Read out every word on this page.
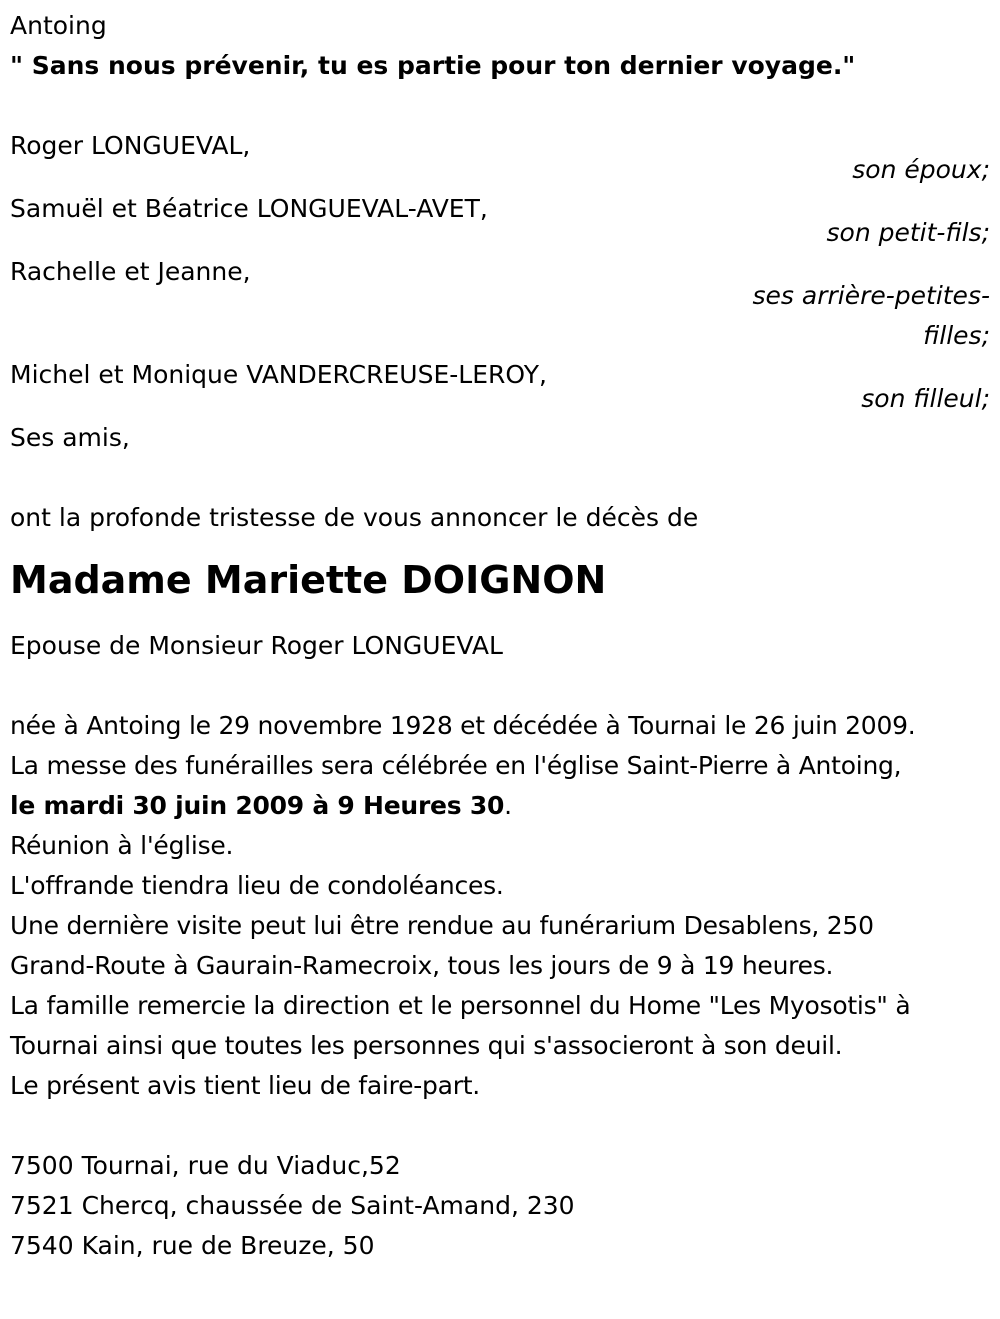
Antoing
" Sans nous prévenir, tu es partie pour ton dernier voyage."
Roger LONGUEVAL,
son époux;
Samuël et Béatrice LONGUEVAL-AVET,
son petit-fils;
Rachelle et Jeanne,
ses arrière-petites-filles;
Michel et Monique VANDERCREUSE-LEROY,
son filleul;
Ses amis,
ont la profonde tristesse de vous annoncer le décès de
Madame Mariette DOIGNON
Epouse de Monsieur Roger LONGUEVAL
née à Antoing le 29 novembre 1928 et décédée à Tournai le 26 juin 2009.
La messe des funérailles sera célébrée en l'église Saint-Pierre à Antoing,
le mardi 30 juin 2009 à 9 Heures 30.
Réunion à l'église.
L'offrande tiendra lieu de condoléances.
Une dernière visite peut lui être rendue au funérarium Desablens, 250
Grand-Route à Gaurain-Ramecroix, tous les jours de 9 à 19 heures.
La famille remercie la direction et le personnel du Home "Les Myosotis" à
Tournai ainsi que toutes les personnes qui s'associeront à son deuil.
Le présent avis tient lieu de faire-part.
7500 Tournai, rue du Viaduc,52
7521 Chercq, chaussée de Saint-Amand, 230
7540 Kain, rue de Breuze, 50
